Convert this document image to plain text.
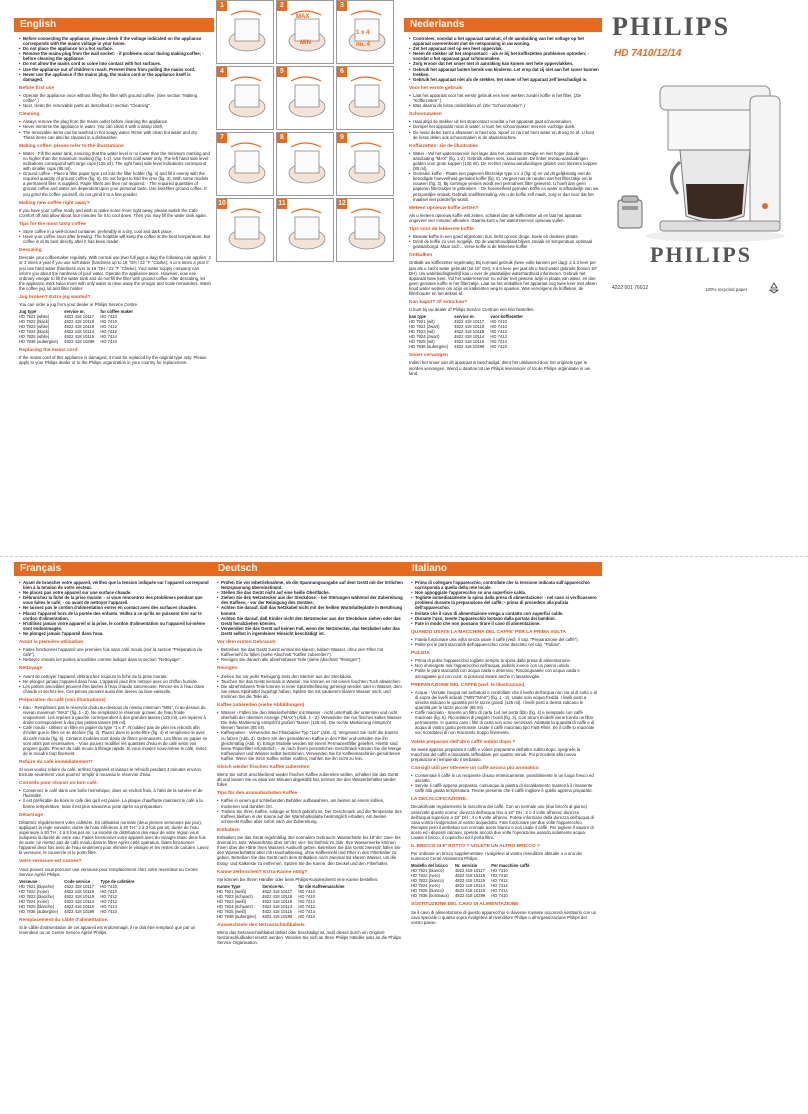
English
• Before connecting the appliance, please check if the voltage indicated on the appliance corresponds with the mains voltage in your home.
• Do not place the appliance on a hot surface.
• Remove the mains plug from the wall socket: - if problems occur during making coffee; - before cleaning the appliance.
• Do not allow the mains cord to come into contact with hot surfaces.
• Use the appliance out of children's reach. Prevent them from pulling the mains cord.
• Never use the appliance if the mains plug, the mains cord or the appliance itself is damaged.
Before first use
• Operate the appliance once without filling the filter with ground coffee. (See section "Making coffee".)
• Next, clean the removable parts as described in section "Cleaning".
Cleaning
• Always remove the plug from the mains outlet before cleaning the appliance.
• Never immerse the appliance in water. You can clean it with a damp cloth.
• The removable items can be washed in hot soapy water. Rinse with clean hot water and dry. These items can also be cleaned in a dishwasher.
Making coffee: please refer to the illustrations
• Water - Fill the water tank, ensuring that the water level is no lower than the minimum marking and no higher than the maximum marking (fig. 1-2). Use fresh cold water only. The left hand side level indications correspond with large cups (125 ml). The right hand side level indications correspond with smaller cups (85 ml).
• Ground coffee - Place a filter paper type 1x4 into the filter holder (fig. 4) and fill it evenly with the required quantity of ground coffee (fig. 5). Do not forget to fold the rims (fig. 3). With some models a permanent filter is supplied. Paper filters are then not required. - The required quantities of ground coffee and water are dependent upon your personal taste. Use fast-filter ground coffee. If you grind the coffee yourself, do not grind it to a fine powder.
Making new coffee right away?

If you have your coffee ready and wish to make some more right away, please switch the Cafe Comfort off and allow about four minutes for it to cool down. Then you may fill the water tank again.

Tips for the most tasty coffee
• Store coffee in a well-closed container, preferably in a dry, cool and dark place.
• Have your coffee soon after brewing. The hotplate will keep the coffee at the best temperature. But coffee is at its best directly after it has been made!
Descaling

Descale your coffeemaker regularly. With normal use (two full jugs a day) the following rule applies: 2 or 3 times a year if you use soft water (hardness up to 18 °DH / 22 °F °Clarke); 4 or 5 times a year if you use hard water (hardness over to 18 °DH / 22 °F °Clarke). Your water supply company can inform you about the hardness of your water. Operate the appliance twice. However, now use ordinary vinegar to fill the water tank and do not fill the filter with ground coffee. After descaling, let the appliance work twice more with only water to rinse away the vinegar and scale remainders. Wash the coffee jug, lid and filter holder.

Jug broken? Extra jug wanted?

You can order a jug from your dealer or Philips Service Centre.

Jug type	service nr.	for coffee maker
HD 7921 (white)	4822 418 10117	HD 7410
HD 7922 (black)	4822 418 10118	HD 7410
HD 7923 (white)	4822 418 10119	HD 7412
HD 7924 (black)	4822 418 10114	HD 7412
HD 7925 (white)	4822 418 10115	HD 7414
HD 7936 (aubergine)	4822 418 10299	HD 7410
Replacing the mains cord

If the mains cord of this appliance is damaged, it must be replaced by the original type only. Please apply to your Philips dealer or to the Philips organization in your country for replacement.

1	2	3
4	5	6
7	8	9
10	11	12
MAX
MIN
1 x 4
no. 4
Nederlands
• Controleer, voordat u het apparaat aansluit, of de aanduiding van het voltage op het apparaat overeenkomt met de netspanning in uw woning.
• Zet het apparaat niet op een heet oppervlak.
• Neem de stekker uit het stopcontact: - als er bij het koffiezetten problemen optreden; - voordat u het apparaat gaat schoonmaken.
• Zorg ervoor dat het snoer niet in aanraking kan komen met hete oppervlakken.
• Gebruik het apparaat buiten bereik van kinderen. Let erop dat zij niet aan het snoer kunnen trekken.
• Gebruik het apparaat niet als de stekker, het snoer of het apparaat zelf beschadigd is.
Voor het eerste gebruik
• Laat het apparaat voor het eerste gebruik een keer werken zonder koffie in het filter. (Zie "Koffiezetten".)
• Was daarna de losse onderdelen af. (Zie "Schoonmaken".)
Schoonmaken
• Haal altijd de stekker uit het stopcontact voordat u het apparaat gaat schoonmaken.
• Dompel het apparaat nooit in water. U kunt het schoonmaken met een vochtige doek.
• De losse delen kunt u afwassen in heet sop. Spoel ze na met heet water en droog ze af. U kunt de losse delen ook schoonmaken in de afwasmachine.
Koffiezetten: zie de illustraties
• Water - Vul het waterreservoir niet lager dan het onderste streepje en niet hoger dan de aanduiding "MAX" (fig. 1-2). Gebruik alleen vers, koud water. De linker niveau-aanduidingen gelden voor grote koppen (125 ml). De rechter niveau-aanduidingen gelden voor kleinere koppen (85 ml).
• Gemalen koffie - Plaats een papieren filterzakje type 1 x 4 (fig. 4) en vul dit gelijkmatig met de benodigde hoeveelheid gemalen koffie (fig. 5). Vergeet niet de randen van het filterzakje om te vouwen (fig. 3). Bij sommige versies wordt een permanent filter geleverd. U hoeft dan geen papieren filterzakjes te gebruiken. - De hoeveelheid gemalen koffie en water is afhankelijk van uw persoonlijke smaak. Gebruik snelfiltermaling. Als u de koffie zelf maalt, zorg er dan voor dat het maalsel niet poederfijn wordt.
Meteen opnieuw koffie zetten?

Als u meteen opnieuw koffie wilt zetten, schakel dan de koffiezetter uit en laat het apparaat ongeveer vier minuten afkoelen. Daarna kunt u het waterreservoir opnieuw vullen.

Tips voor de lekkerste koffie
• Bewaar koffie in een goed afgesloten bus, liefst op een droge, koele en donkere plaats.
• Drink de koffie zo vers mogelijk. Op de warmhoudplaat blijven smaak en temperatuur optimaal gewaarborgd. Maar toch... verse koffie is de lekkerste koffie!
Ontkalken

Ontkalk uw koffiezetter regelmatig. Bij normaal gebruik (twee volle kannen per dag): 2 à 3 keer per jaar als u zacht water gebruikt (tot 18° DH); 4 à 5 keer per jaar als u hard water gebruikt (boven 18° DH). Uw waterleidingbedrijf kan u over de plaatselijke waterhardheid informeren. Gebruik het apparaat twee keer. Vul het waterreservoir nu echter met gewone azijn in plaats van water, en doe geen gemalen koffie in het filterzakje. Laat na het ontkalken het apparaat nog twee keer met alleen koud water werken om azijn en kalkresten weg te spoelen. Was vervolgens de koffiekan, de filterhouder en het deksel af.

Kan kapot? Of extra kan?

U kunt bij uw dealer of Philips Service Centrum een kan bestellen.

kan type	service nr.	voor koffiezetter
HD 7921 (wit)	4822 418 10117	HD 7410
HD 7922 (zwart)	4822 418 10118	HD 7410
HD 7923 (wit)	4822 418 10119	HD 7412
HD 7924 (zwart)	4822 418 10114	HD 7412
HD 7925 (wit)	4822 418 10115	HD 7414
HD 7936 (aubergine)	4822 418 10299	HD 7410
Snoer vervangen

Indien het snoer van dit apparaat is beschadigd, dient het uitsluitend door het originele type te worden vervangen. Wend u daartoe tot uw Philips leverancier of tot de Philips organisatie in uw land.

PHILIPS
HD 7410/12/14
PHILIPS
4222 001 76012	100% recycled paper
Français
• Avant de brancher votre appareil, vérifiez que la tension indiquée sur l'appareil correspond bien à la tension de votre secteur.
• Ne placez pas votre appareil sur une surface chaude.
• Débranchez la fiche de la prise murale: - si vous rencontrez des problèmes pendant que vous faites le café; - ou avant de nettoyer l'appareil.
• Ne laissez pas le cordon d'alimentation entrer en contact avec des surfaces chaudes.
• Placez l'appareil hors de la portée des enfants. Veillez à ce qu'ils ne puissent tirer sur le cordon d'alimentation.
• N'utilisez jamais votre appareil si la prise, le cordon d'alimentation ou l'appareil lui-même sont endommagés.
• Ne plongez jamais l'appareil dans l'eau.
Avant la première utilisation
• Faites fonctionner l'appareil une première fois sans café moulu (voir la section "Préparation du café").
• Nettoyez ensuite les parties amovibles comme indiqué dans la section "Nettoyage".
Nettoyage
• Avant de nettoyer l'appareil, débranchez toujours la fiche de la prise murale.
• Ne plongez jamais l'appareil dans l'eau. L'appareil peut être nettoyé avec un chiffon humide.
• Les parties amovibles peuvent être lavées à l'eau chaude savonneuse. Rincez-les à l'eau claire chaude et séchez-les. Ces pièces peuvent aussi être lavées au lave-vaisselle.
Préparation du café (voir illustrations)
• Eau - Remplissez pas le réservoir d'eau au-dessous du niveau minimum "MIN", ni au-dessus du niveau maximum "MAX" (fig. 1 - 2). Ne remplissez le réservoir qu'avec de l'eau froide uniquement. Les repères à gauche correspondent à des grandes tasses (125 ml). Les repères à droite correspondent à des plus petites tasses (85 ml).
• Café moulu - Utilisez un filtre en papier du type "1 x 4". N'oubliez pas de plier les rebords afin d'éviter que le filtre ne se déchire (fig. 3). Placez dans le porte-filtre (fig. 4) et remplissez-le avec du café moulu (fig. 5). Certains modèles sont dotés de filtres permanents. Les filtres en papier ne sont alors pas nécessaires. - Vous pouvez modifier les quantités d'eau et de café selon vos propres goûts. Prenez du café moulu à filtrage rapide. Si vous moulez vous-même le café, évitez de le moudre trop finement.
Refaire du café immédiatement?

Si vous voulez refaire du café, arrêtez l'appareil et laissez-le refroidir pendant 4 minutes environ. Ensuite seulement vous pourrez remplir à nouveau le réservoir d'eau.

Conseils pour réussir un bon café:
• Conservez le café dans une boîte hermétique, dans un endroit frais, à l'abri de la lumière et de l'humidité.
• Il est préférable de boire le café dès qu'il est passé. La plaque chauffante maintient le café à la bonne température, mais il est plus savoureux juste après sa préparation.
Détartrage

Détartrez régulièrement votre cafetière. En utilisation normale (deux pleines verseuses par jour), appliquez la règle suivante: durée de l'eau inférieure à 30 TH : 2 à 3 fois par an; durée de l'eau supérieure à 30 TH : 4 à 5 fois par an. La société de distribution des eaux de votre région vous indiquera la dureté de votre eau. Faites fonctionner votre appareil avec du vinaigre blanc deux fois de suite: ne mettez pas de café moulu dans le filtre! Après cette opération, faites fonctionner l'appareil deux fois avec de l'eau seulement pour éliminer le vinaigre et les restes de calcaire. Lavez la verseuse, le couvercle et le porte filtre.

Votre verseuse est cassée?

Vous pouvez vous procurer une verseuse pour remplacement chez votre revendeur ou Centre Service Agréé Philips

Verseuse	Code service	Type de cafetière
HD 7921 (blanche)	4822 418 10117	HD 7410
HD 7922 (noire)	4822 418 10118	HD 7410
HD 7923 (blanche)	4822 418 10119	HD 7412
HD 7924 (noire)	4822 418 10114	HD 7412
HD 7925 (blanche)	4822 418 10115	HD 7414
HD 7936 (aubergine)	4822 418 10299	HD 7410
Remplacement du câble d'alimentation

Si le câble d'alimentation de cet appareil est endommagé, il ne doit être remplacé que par un revendeur ou un Centre Service Agréé Philips.

Deutsch
• Prüfen Sie vor Inbetriebnahme, ob die Spannungsangabe auf dem Gerät mit der örtlichen Netzspannung übereinstimmt.
• Stellen Sie das Gerät nicht auf eine heiße Oberfläche.
• Ziehen Sie den Netzstecker aus der Steckdose: - bei Störungen während der Zubereitung des Kaffees, - vor der Reinigung des Gerätes.
• Achten Sie darauf, daß das Netzkabel nicht mit der heißen Warmhalteplatte in Berührung kommt.
• Achten Sie darauf, daß Kinder nicht den Netzstecker aus der Steckdose ziehen oder das Gerät herabziehen können.
• Verwenden Sie das Gerät auf keinen Fall, wenn der Netzstecker, das Netzkabel oder das Gerät selbst in irgendeiner Hinsicht beschädigt ist.
Vor dem ersten Gebrauch
• Betreiben Sie das Gerät zuerst einmal mit klarem, kaltem Wasser, ohne den Filter mit Kaffeemehl zu füllen (siehe Abschnitt "Kaffee zubereiten").
• Reinigen Sie danach alle abnehmbaren Teile (siehe Abschnitt "Reinigen").
Reinigen
• Ziehen Sie vor jeder Reinigung stets den Stecker aus der Steckdose.
• Tauchen Sie das Gerät niemals in Wasser. Sie können es mit einem feuchten Tuch abwischen.
• Die abnehmbaren Teile können in einer Spülmittellösung gereinigt werden oder in Wasser, dem Sie etwas Spülmittel zugefügt haben. Spülen Sie mit sauberem klarem Wasser nach, und trocknen Sie die Teile ab.
Kaffee zubereiten (siehe Abbildungen)
• Wasser - Füllen Sie den Wasserbehälter mit Wasser - nicht unterhalb der untersten und nicht oberhalb der obersten Anzeige ("MAX") (Abb. 1 - 2). Verwenden Sie nur frisches kaltes Wasser. Die linke Markierung entspricht großen Tassen (125 ml). Die rechte Markierung entspricht kleinen Tassen (85 ml).
• Kaffeepulver - Verwenden Sie Filterpapier Typ "1x4" (Abb. 4). Vergessen Sie nicht die Kanten zu falzen (Abb. 3). Geben Sie den gemahlenen Kaffee in den Filter und verteilen Sie ihn gleichmäßig (Abb. 5). Einige Modelle werden mit einem Permanentfilter geliefert. Hierfür sind keine Papierfilter erforderlich. - Je nach Ihrem persönlichen Geschmack können Sie die Menge Kaffeepulver und Wasser selbst bestimmen. Verwenden Sie für Kaffeemaschinen gemahlenen Kaffee. Wenn Sie Ihren Kaffee selber mahlen, mahlen Sie ihn nicht zu fein.
Gleich wieder frischen Kaffee zubereiten

Wenn Sie sofort anschließend wieder frischen Kaffee zubereiten wollen, schalten Sie das Gerät ab und lassen Sie es etwa vier Minuten abgekühlt hat, können Sie den Wasserbehälter wieder füllen.

Tips für den aromatischsten Kaffee
• Kaffee in einem gut schließenden Behälter aufbewahren, am besten an einem kühlen, trockenen und dunklen Ort.
• Trinken Sie Ihren Kaffee, solange er frisch gebrüht ist. Der Geschmack und die Temperatur des Kaffees bleiben in der Kanne auf der Warmhalteplatte bestmöglich erhalten. Am besten schmeckt Kaffee aber sofort nach der Zubereitung.
Entkalken

Entkalken Sie das Gerät regelmäßig. Bei normalem Gebrauch: Wasserhärte bis 18°dH: zwei- bis dreimal im Jahr. Wasserhärte über 18°dH: vier- bis fünfmal im Jahr. Ihre Wasserwerke können Ihnen über die Härte Ihres Wassers Auskunft geben. Betreiben Sie das Gerät zweimal; füllen Sie den Wasserbehälter aber mit Haushaltsessig, ohne Kaffeemehl und Filter in den Filterhalter zu geben. Betreiben Sie das Gerät nach dem Entkalken noch zweimal mit klarem Wasser, um die Essig- und Kalkreste zu entfernen. Spülen Sie die Kanne, den Deckel und den Filterhalter.

Kanne zerbrochen? Extra-Kanne nötig?

Sie können bei Ihrem Händler oder beim Philips-Kundendienst eine Kanne bestellen:

Kanne Type	Service-Nr.	für die Kaffeemaschine
HD 7921 (weiß)	4822 418 10117	HD 7410
HD 7922 (schwarz)	4822 418 10118	HD 7410
HD 7923 (weiß)	4822 418 10119	HD 7412
HD 7924 (schwarz)	4822 418 10114	HD 7412
HD 7925 (weiß)	4822 418 10115	HD 7414
HD 7936 (aubergine)	4822 418 10299	HD 7410
Auswechseln des Netzanschlußkabels

Wenn das Netzanschlußkabel defekt oder beschädigt ist, muß dieses durch ein Original-Netzanschlußkabel ersetzt werden. Wenden Sie sich an Ihren Philips Händler oder an die Philips Service Organisation.

Italiano
• Prima di collegare l'apparecchio, controllate che la tensione indicata sull'apparecchio corrisponda a quella della rete locale.
• Non appoggiate l'apparecchio su una superficie calda.
• Togliete immediatamente la spina dalla presa di alimentazione: - nel caso si verificassero problemi durante la preparazione del caffè; - prima di procedere alla pulizia dell'apparecchio.
• Evitate che il cavo di alimentazione venga a contatto con superfici calde.
• Durante l'uso, tenete l'apparecchio lontano dalla portata dei bambini.
• Fate in modo che non possano tirare il cavo di alimentazione.
QUANDO USATE LA MACCHINA DEL CAFFE' PER LA PRIMA VOLTA
• Fatela funzionare una volta senza usare il caffè (vedi. il cap. "Preparazione del caffè").
• Pulite poi le parti staccabili dell'apparecchio come descritto nel cap. "Pulizia".
PULIZIA
• Prima di pulire l'apparecchio togliete sempre la spina dalla presa di alimentazione.
• Non immergete mai l'apparecchio nell'acqua; pulitelo invece con un panno umido.
• Pulite le parti staccabili con acqua calda e detersivo. Risciacquatele con acqua calda e asciugatele poi con cura; si possono lavare anche in lavastoviglie.
PREPARAZIONE DEL CAFFÈ (ved. le illustrazioni)
• Acqua - Versate l'acqua nel serbatoio e controllate che il livello dell'acqua non sia al di sotto o al di sopra dei livelli indicati ("MIN""MAX") (fig. 1 - 2). Usate solo acqua fredda. I livelli posti a sinistra indicano le quantità per le tazze grandi (125 ml). I livelli posti a destra indicano le quantità per le tazze piccole (85 ml).
• Caffè macinato - Inserite un filtro di carta 1x4 nel porta filtro (fig. 4) e riempitelo con caffè macinato (fig. 5). Ricordatevi di piegare i bordi (fig. 3). Con alcuni modelli viene fornito un filtro permanente. In questo caso i filtri di carta non sono necessari. Adattate la quantità di caffè e di acqua al vostro gusto personale. Usate il caffè macinato tipo Fast-Filter. Se il caffè lo macinate voi, ricordatevi di non macinarlo troppo finemente.
Volete preparare dell'altro caffè subito dopo ?

Se avete appena preparato il caffè e volete prepararne dell'altro subito dopo, spegnete la macchina del caffè e lasciatela raffreddare per quattro minuti. Poi procedete alla nuova preparazione riempiendo il serbatoio.

Consigli utili per ottenere un caffè ancora più aromatico:
• Conservate il caffè in un recipiente chiuso ermeticamente, possibilmente in un luogo fresco ed asciutto.
• Servite il caffè appena preparato, comunque la piastra di riscaldamento manterrà il rimanente caffè alla giusta temperatura. Tenete presente che il caffè migliore è quello appena preparato.
LA DECALCIFICAZIONE.

Decalcificate regolarmente la macchina del caffè. Con un normale uso (due bricchi al giorno) osservate queste norme: durezza dell'acqua fino a 18° DH : 2 o 3 volte all'anno; durezza dell'acqua superiore a 18° DH : 4 o 5 volte all'anno. Potete informarvi della durezza dell'acqua di casa vostra rivolgendovi al vostro acquedotto. Fate funzionare per due volte l'apparecchio. Riempite però il serbatoio con normale aceto bianco e non usate il caffè. Per togliere il sapore di aceto ed i depositi calcarei, ripetete ancora due volte l'operazione usando solamente acqua. Lavate il bricco, il coperchio ed il porta filtro.

IL BRICCO SI E' ROTTO ? VOLETE UN ALTRO BRICCO ?

Per ordinare un bricco supplementare, rivolgetevi al vostro rivenditore abituale o a uno dei numerosi Centri Assistenza Philips.

Modello del bricco	Nr. servizio	Per macchine caffè
HD 7921 (bianco)	4822 418 10117	HD 7410
HD 7922 (nero)	4822 418 10118	HD 7410
HD 7923 (bianco)	4822 418 10119	HD 7412
HD 7924 (nero)	4822 418 10114	HD 7412
HD 7925 (bianco)	4822 418 10115	HD 7414
HD 7936 (bordeaux)	4822 418 10299	HD 7410
SOSTITUZIONE DEL CAVO DI ALIMENTAZIONE

Se il cavo di alimentazione di questo apparecchio si dovesse rovinare occorrerà sostituirlo con un cavo speciale o quanto sopra rivolgetevi al rivenditore Philips o all'organizzazione Philips del vostro paese.
